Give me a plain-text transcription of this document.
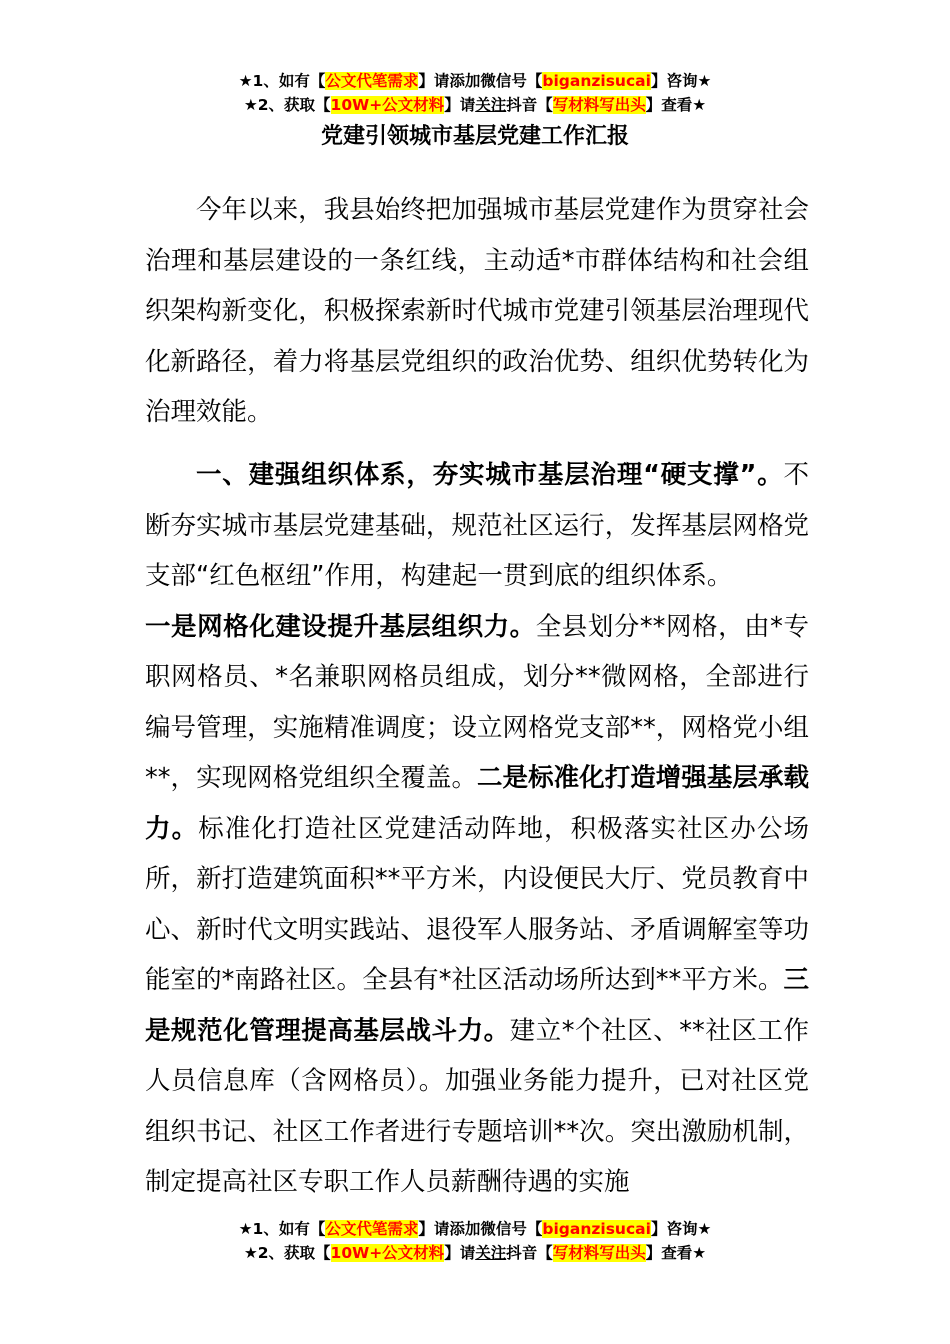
★1、如有【公文代笔需求】请添加微信号【biganzisucai】咨询★
★2、获取【10W+公文材料】请关注抖音【写材料写出头】查看★
党建引领城市基层党建工作汇报

今年以来，我县始终把加强城市基层党建作为贯穿社会治理和基层建设的一条红线，主动适*市群体结构和社会组织架构新变化，积极探索新时代城市党建引领基层治理现代化新路径，着力将基层党组织的政治优势、组织优势转化为治理效能。

一、建强组织体系，夯实城市基层治理“硬支撑”。不断夯实城市基层党建基础，规范社区运行，发挥基层网格党支部“红色枢纽”作用，构建起一贯到底的组织体系。
一是网格化建设提升基层组织力。全县划分**网格，由*专职网格员、*名兼职网格员组成，划分**微网格，全部进行编号管理，实施精准调度；设立网格党支部**，网格党小组**，实现网格党组织全覆盖。二是标准化打造增强基层承载力。标准化打造社区党建活动阵地，积极落实社区办公场所，新打造建筑面积**平方米，内设便民大厅、党员教育中心、新时代文明实践站、退役军人服务站、矛盾调解室等功能室的*南路社区。全县有*社区活动场所达到**平方米。三是规范化管理提高基层战斗力。建立*个社区、**社区工作人员信息库（含网格员）。加强业务能力提升，已对社区党组织书记、社区工作者进行专题培训**次。突出激励机制，制定提高社区专职工作人员薪酬待遇的实施

★1、如有【公文代笔需求】请添加微信号【biganzisucai】咨询★
★2、获取【10W+公文材料】请关注抖音【写材料写出头】查看★
